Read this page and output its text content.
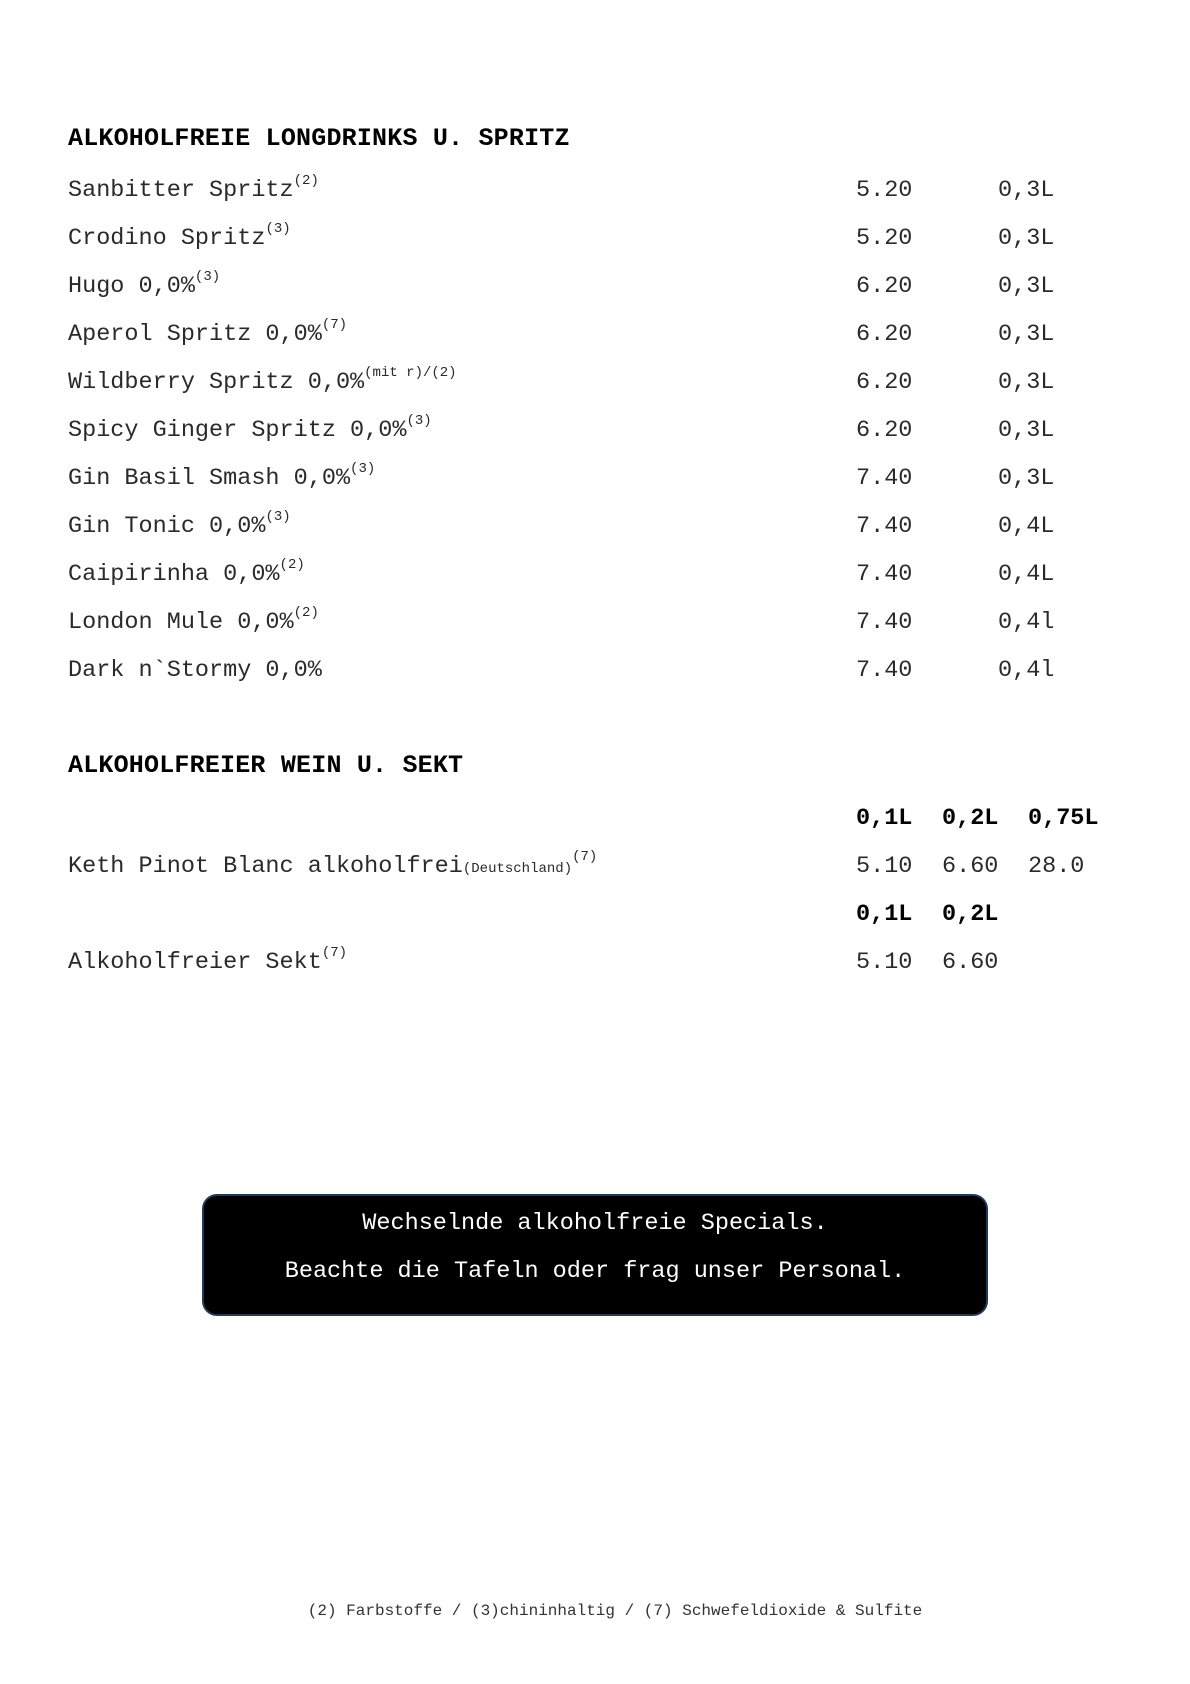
ALKOHOLFREIE LONGDRINKS U. SPRITZ
Sanbitter Spritz$^{(2)}$	5.20	0,3L
Crodino Spritz$^{(3)}$	5.20	0,3L
Hugo 0,0%$^{(3)}$	6.20	0,3L
Aperol Spritz 0,0%$^{(7)}$	6.20	0,3L
Wildberry Spritz 0,0%$^{(mit r)/(2)}$	6.20	0,3L
Spicy Ginger Spritz 0,0%$^{(3)}$	6.20	0,3L
Gin Basil Smash 0,0%$^{(3)}$	7.40	0,3L
Gin Tonic 0,0%$^{(3)}$	7.40	0,4L
Caipirinha 0,0%$^{(2)}$	7.40	0,4L
London Mule 0,0%$^{(2)}$	7.40	0,4l
Dark n`Stormy 0,0%	7.40	0,4l
ALKOHOLFREIER WEIN U. SEKT
0,1L 0,2L 0,75L
Keth Pinot Blanc alkoholfrei(Deutschland)$^{(7)}$	5.10 6.60 28.0
0,1L 0,2L
Alkoholfreier Sekt$^{(7)}$	5.10 6.60
Wechselnde alkoholfreie Specials.
Beachte die Tafeln oder frag unser Personal.
(2) Farbstoffe / (3)chininhaltig / (7) Schwefeldioxide & Sulfite
